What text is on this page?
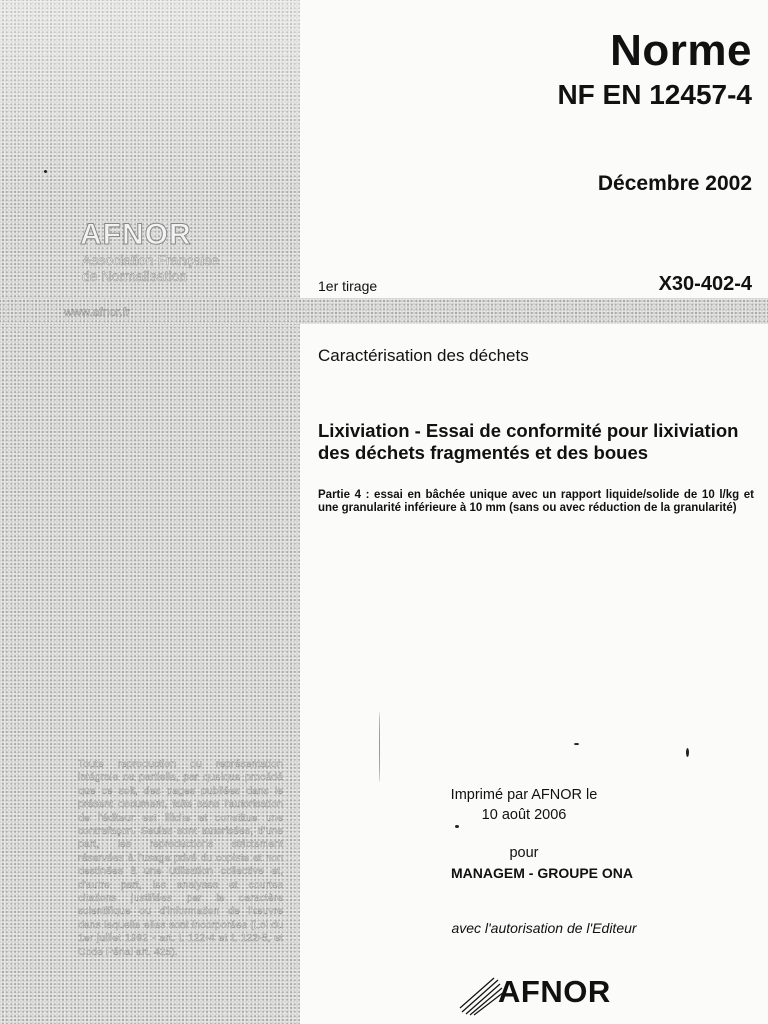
AFNOR
Association Française
de Normalisation
www.afnor.fr
Toute reproduction ou représentation intégrale ou partielle, par quelque procédé que ce soit, des pages publiées dans le présent document, faite sans l'autorisation de l'éditeur est illicite et constitue une contrefaçon. Seules sont autorisées, d'une part, les reproductions strictement réservées à l'usage privé du copiste et non destinées à une utilisation collective et, d'autre part, les analyses et courtes citations justifiées par le caractère scientifique ou d'information de l'œuvre dans laquelle elles sont incorporées (Loi du 1er juillet 1992 - art. L 122-4 et L 122-5, et Code Pénal art. 425).
Norme
NF EN 12457-4
Décembre 2002
1er tirage	X30-402-4
Caractérisation des déchets
Lixiviation - Essai de conformité pour lixiviation des déchets fragmentés et des boues
Partie 4 : essai en bâchée unique avec un rapport liquide/solide de 10 l/kg et une granularité inférieure à 10 mm (sans ou avec réduction de la granularité)
Imprimé par AFNOR le
10 août 2006
pour
MANAGEM - GROUPE ONA
avec l'autorisation de l'Editeur
AFNOR
